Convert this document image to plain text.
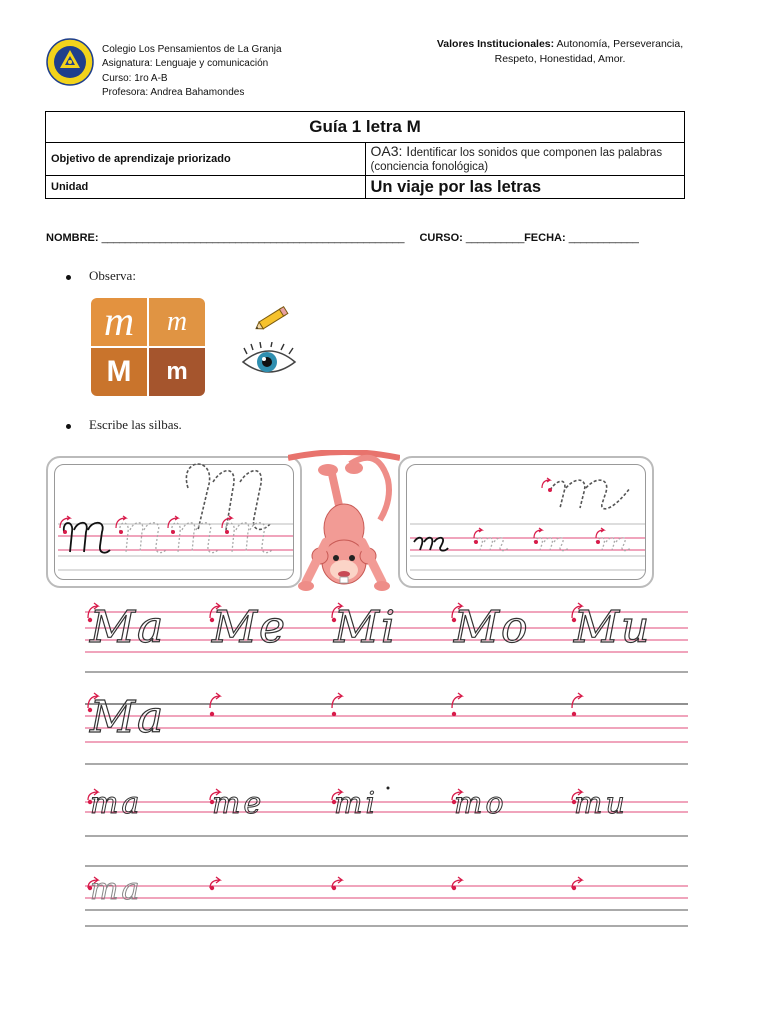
Colegio Los Pensamientos de La Granja
Asignatura: Lenguaje y comunicación
Curso: 1ro A-B
Profesora: Andrea Bahamondes
Valores Institucionales: Autonomía, Perseverancia, Respeto, Honestidad, Amor.
Guía 1 letra M	
Objetivo de aprendizaje priorizado	OA3: Identificar los sonidos que componen las palabras (conciencia fonológica)
Unidad	Un viaje por las letras
NOMBRE: ____________________________________________________ CURSO: __________FECHA: ____________
Observa:
m	m
M	m
Escribe las silbas.
Ma Me Mi Mo Mu
Ma
ma me mi	mo mu
ma
